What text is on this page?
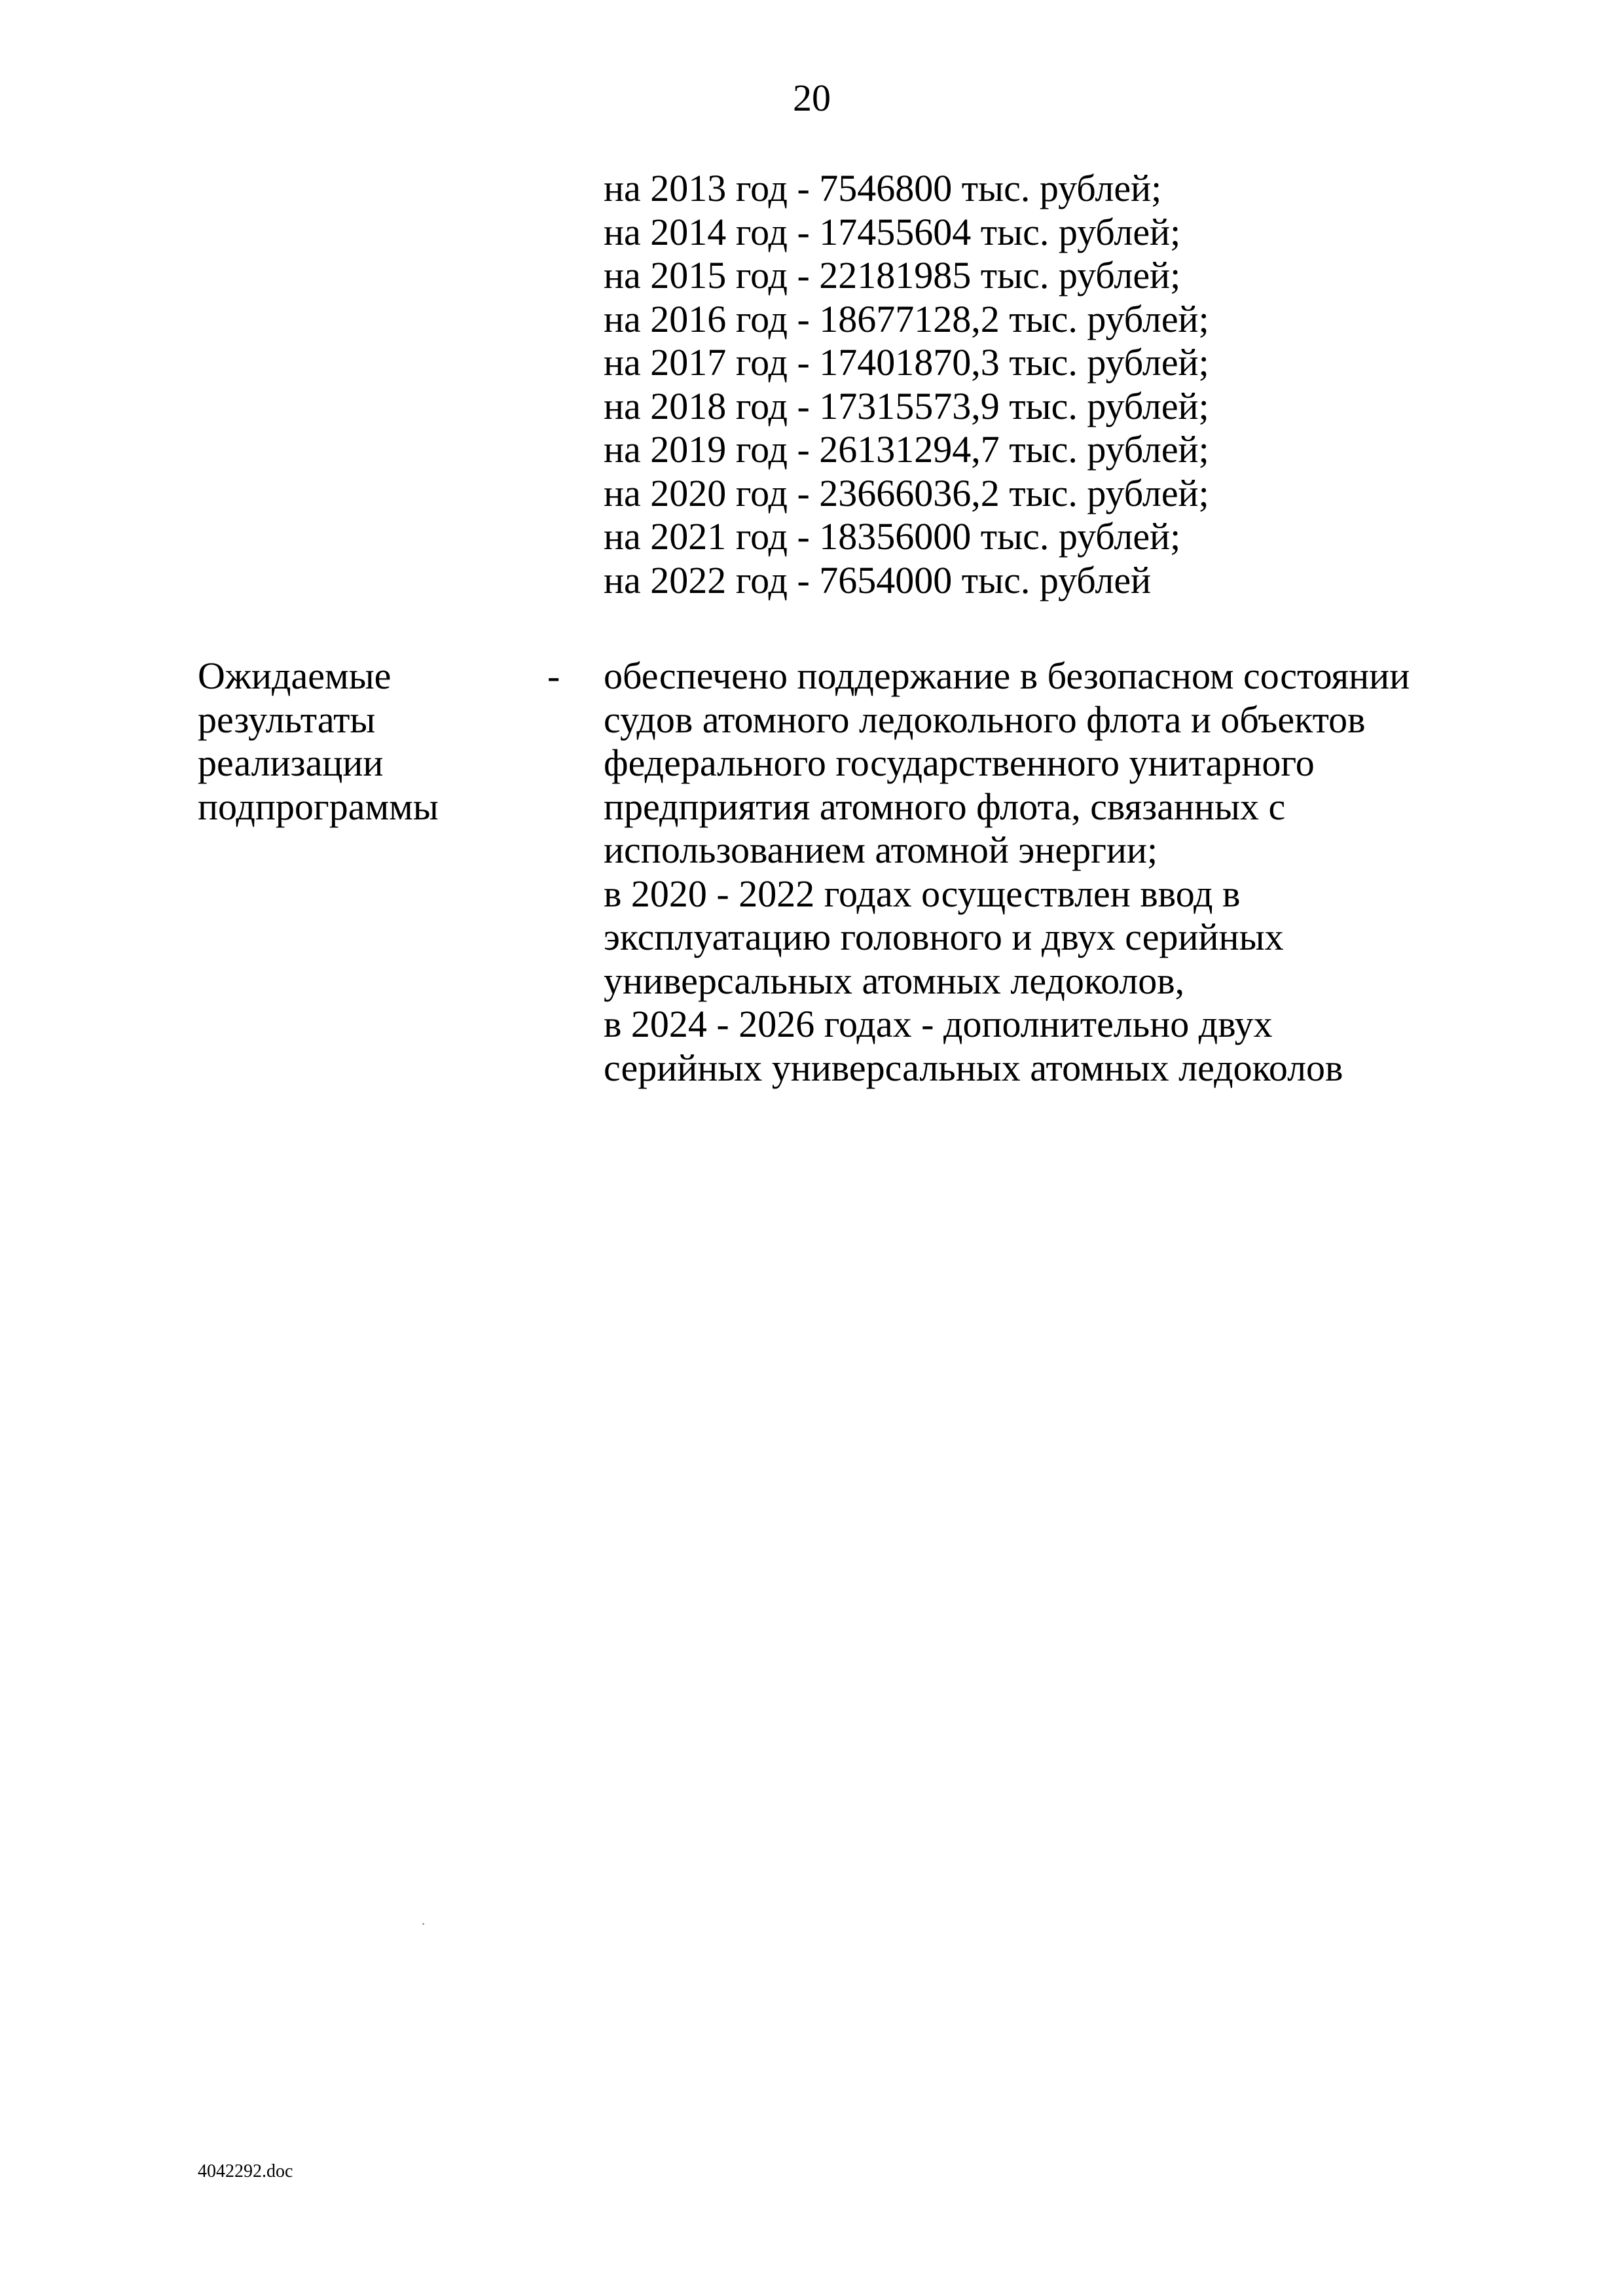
20
на 2013 год - 7546800 тыс. рублей;
на 2014 год - 17455604 тыс. рублей;
на 2015 год - 22181985 тыс. рублей;
на 2016 год - 18677128,2 тыс. рублей;
на 2017 год - 17401870,3 тыс. рублей;
на 2018 год - 17315573,9 тыс. рублей;
на 2019 год - 26131294,7 тыс. рублей;
на 2020 год - 23666036,2 тыс. рублей;
на 2021 год - 18356000 тыс. рублей;
на 2022 год - 7654000 тыс. рублей
Ожидаемые
результаты
реализации
подпрограммы
- обеспечено поддержание в безопасном состоянии
судов атомного ледокольного флота и объектов
федерального государственного унитарного
предприятия атомного флота, связанных с
использованием атомной энергии;
в 2020 - 2022 годах осуществлен ввод в
эксплуатацию головного и двух серийных
универсальных атомных ледоколов,
в 2024 - 2026 годах - дополнительно двух
серийных универсальных атомных ледоколов
4042292.doc
